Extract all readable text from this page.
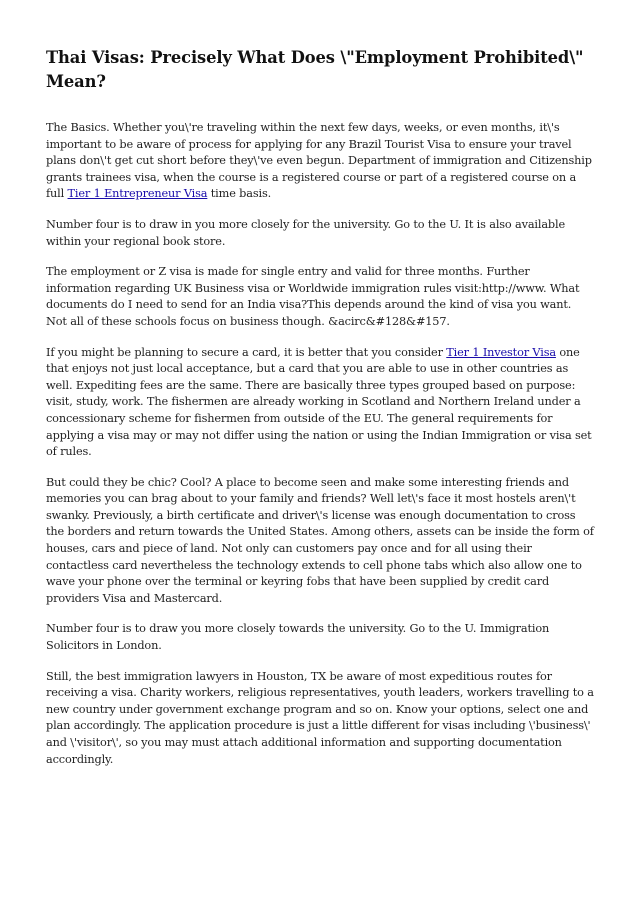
Thai Visas: Precisely What Does \"Employment Prohibited\" Mean?

The Basics. Whether you\'re traveling within the next few days, weeks, or even months, it\'s important to be aware of process for applying for any Brazil Tourist Visa to ensure your travel plans don\'t get cut short before they\'ve even begun. Department of immigration and Citizenship grants trainees visa, when the course is a registered course or part of a registered course on a full Tier 1 Entrepreneur Visa time basis.

Number four is to draw in you more closely for the university. Go to the U. It is also available within your regional book store.

The employment or Z visa is made for single entry and valid for three months. Further information regarding UK Business visa or Worldwide immigration rules visit:http://www. What documents do I need to send for an India visa?This depends around the kind of visa you want. Not all of these schools focus on business though. &acirc&#128&#157.

If you might be planning to secure a card, it is better that you consider Tier 1 Investor Visa one that enjoys not just local acceptance, but a card that you are able to use in other countries as well. Expediting fees are the same. There are basically three types grouped based on purpose: visit, study, work. The fishermen are already working in Scotland and Northern Ireland under a concessionary scheme for fishermen from outside of the EU. The general requirements for applying a visa may or may not differ using the nation or using the Indian Immigration or visa set of rules.

But could they be chic? Cool? A place to become seen and make some interesting friends and memories you can brag about to your family and friends? Well let\'s face it most hostels aren\'t swanky. Previously, a birth certificate and driver\'s license was enough documentation to cross the borders and return towards the United States. Among others, assets can be inside the form of houses, cars and piece of land. Not only can customers pay once and for all using their contactless card nevertheless the technology extends to cell phone tabs which also allow one to wave your phone over the terminal or keyring fobs that have been supplied by credit card providers Visa and Mastercard.

Number four is to draw you more closely towards the university. Go to the U. Immigration Solicitors in London.

Still, the best immigration lawyers in Houston, TX be aware of most expeditious routes for receiving a visa. Charity workers, religious representatives, youth leaders, workers travelling to a new country under government exchange program and so on. Know your options, select one and plan accordingly. The application procedure is just a little different for visas including \'business\' and \'visitor\', so you may must attach additional information and supporting documentation accordingly.
